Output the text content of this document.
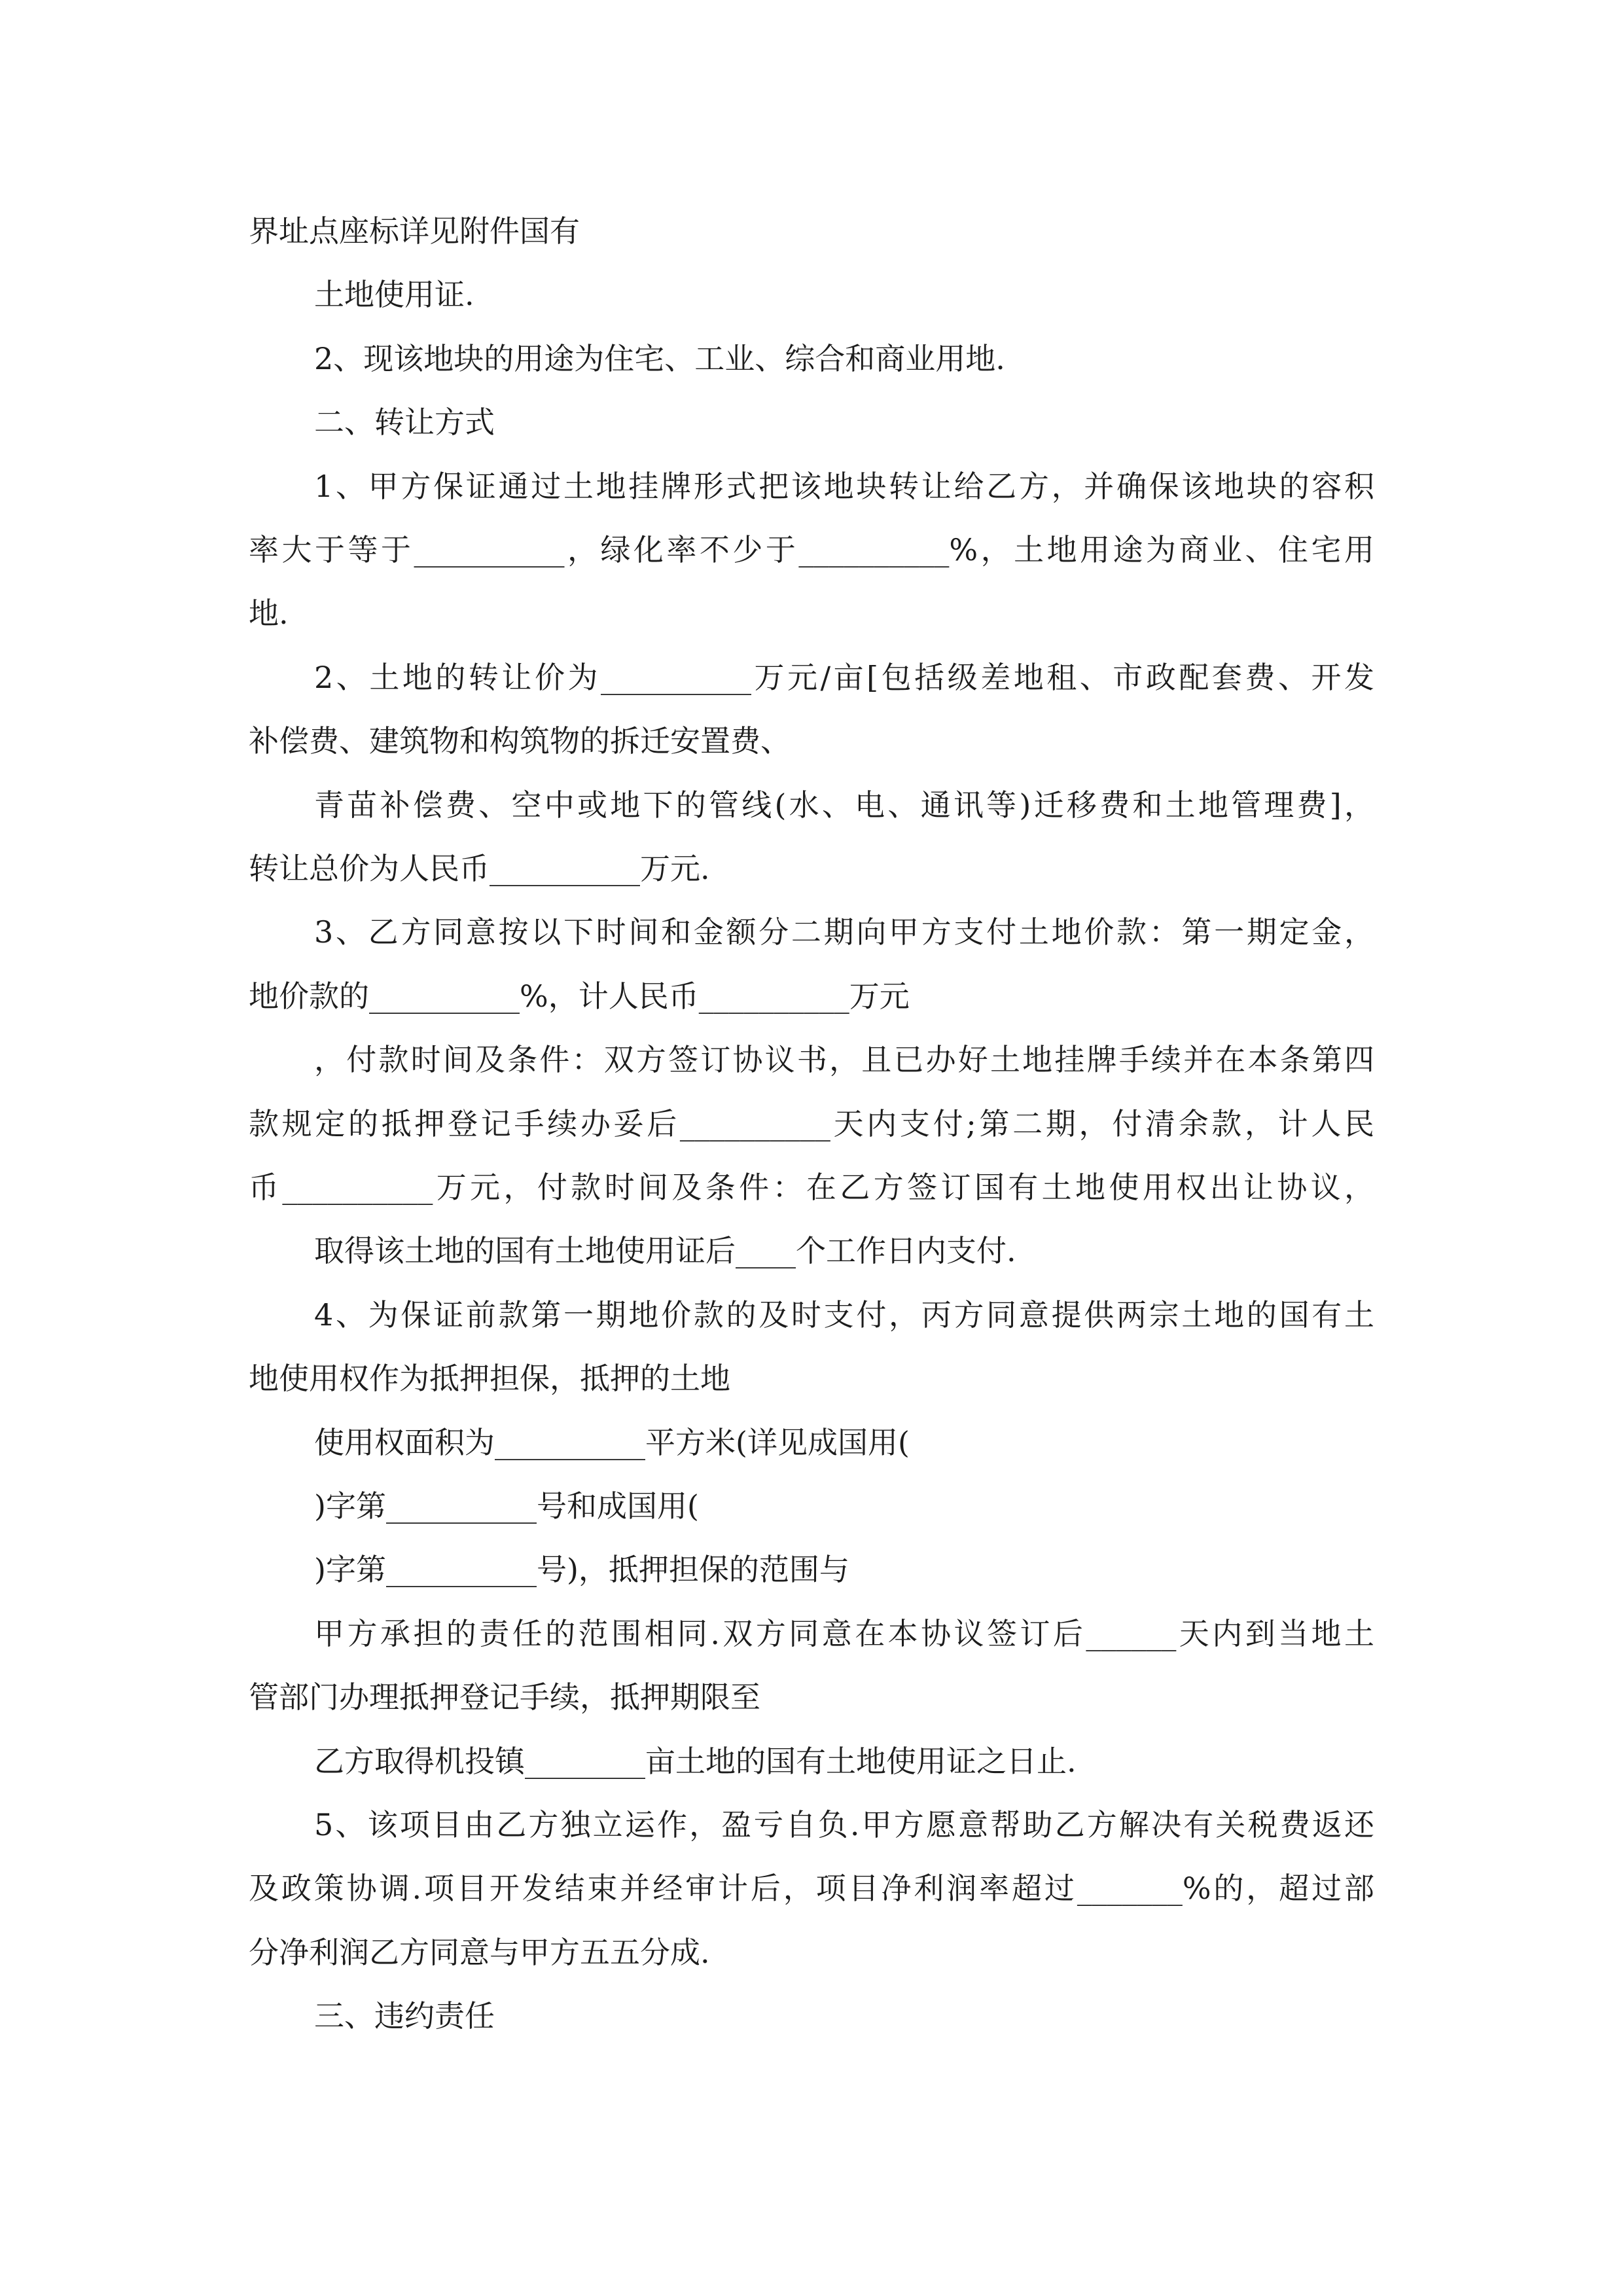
界址点座标详见附件国有
土地使用证.
2、现该地块的用途为住宅、工业、综合和商业用地.
二、转让方式
1、甲方保证通过土地挂牌形式把该地块转让给乙方，并确保该地块的容积
率大于等于__________，绿化率不少于__________%，土地用途为商业、住宅用
地.
2、土地的转让价为__________万元/亩[包括级差地租、市政配套费、开发
补偿费、建筑物和构筑物的拆迁安置费、
青苗补偿费、空中或地下的管线(水、电、通讯等)迁移费和土地管理费]，
转让总价为人民币__________万元.
3、乙方同意按以下时间和金额分二期向甲方支付土地价款：第一期定金，
地价款的__________%，计人民币__________万元
，付款时间及条件：双方签订协议书，且已办好土地挂牌手续并在本条第四
款规定的抵押登记手续办妥后__________天内支付;第二期，付清余款，计人民
币__________万元，付款时间及条件：在乙方签订国有土地使用权出让协议，
取得该土地的国有土地使用证后____个工作日内支付.
4、为保证前款第一期地价款的及时支付，丙方同意提供两宗土地的国有土
地使用权作为抵押担保，抵押的土地
使用权面积为__________平方米(详见成国用(
)字第__________号和成国用(
)字第__________号)，抵押担保的范围与
甲方承担的责任的范围相同.双方同意在本协议签订后______天内到当地土
管部门办理抵押登记手续，抵押期限至
乙方取得机投镇________亩土地的国有土地使用证之日止.
5、该项目由乙方独立运作，盈亏自负.甲方愿意帮助乙方解决有关税费返还
及政策协调.项目开发结束并经审计后，项目净利润率超过_______%的，超过部
分净利润乙方同意与甲方五五分成.
三、违约责任
